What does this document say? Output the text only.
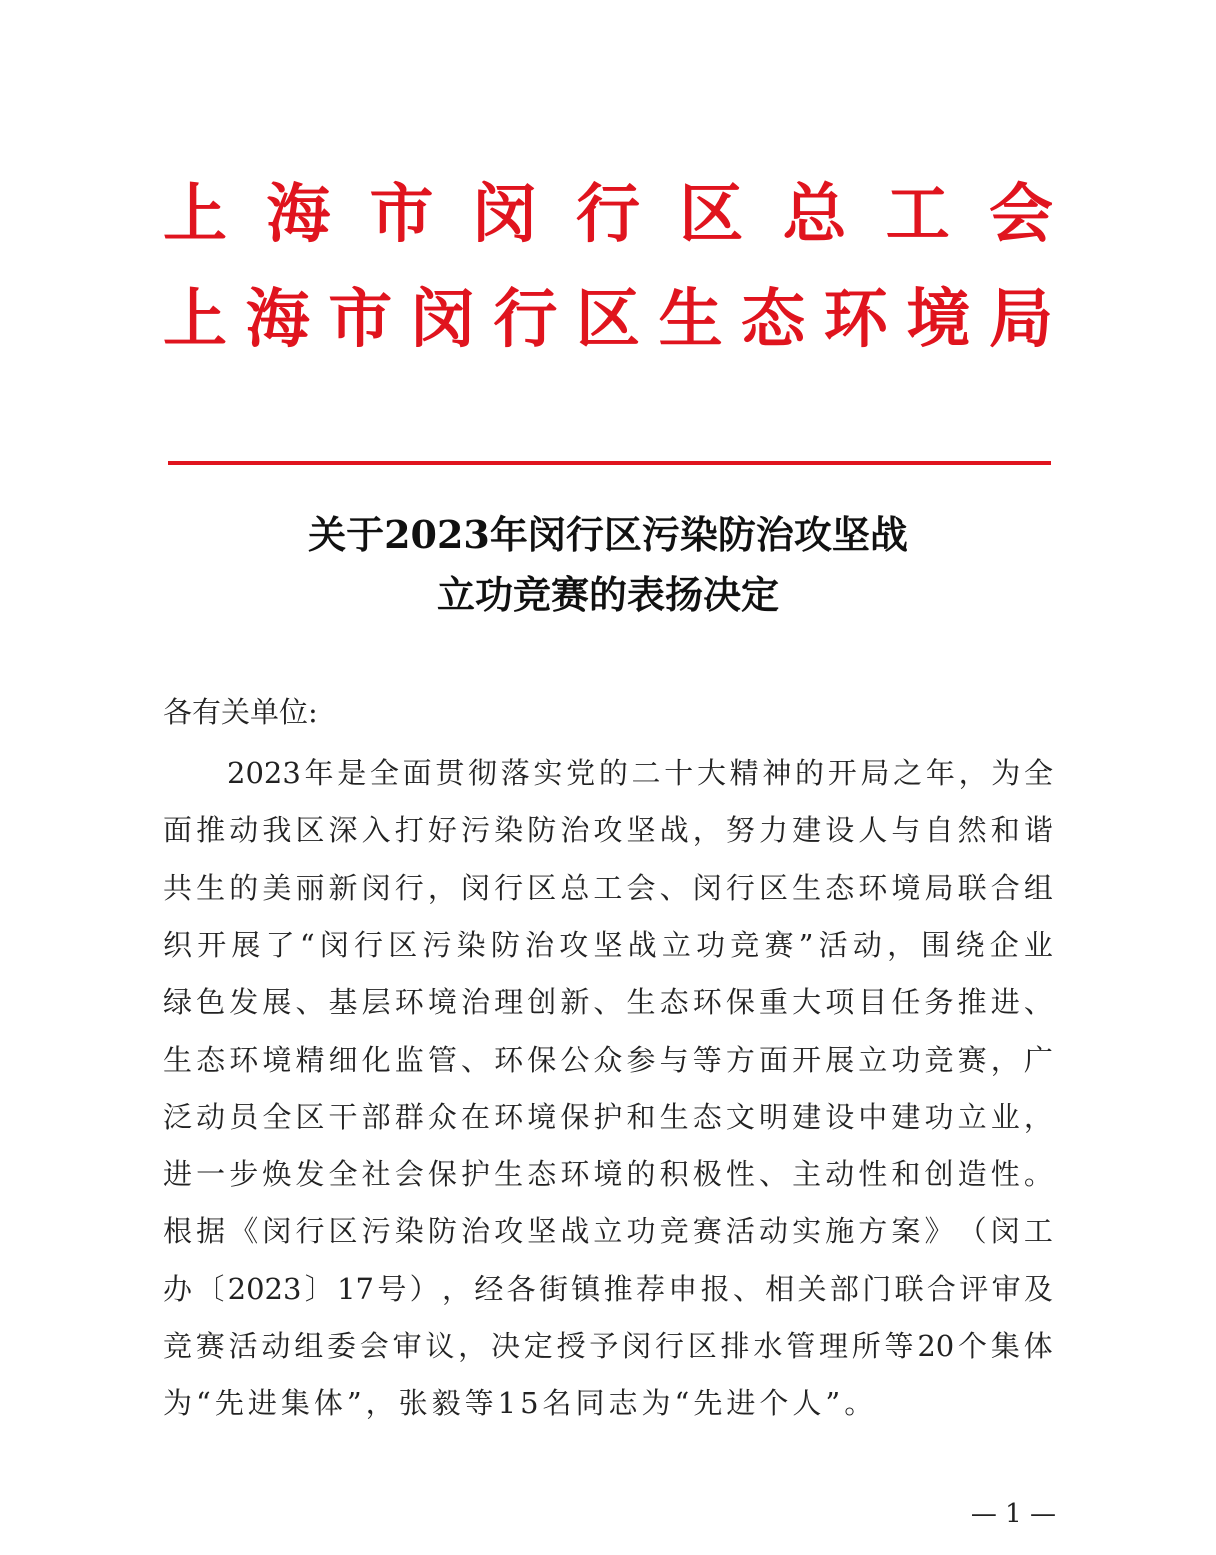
上 海 市 闵 行 区 总 工 会
上 海 市 闵 行 区 生 态 环 境 局
关于2023年闵行区污染防治攻坚战
立功竞赛的表扬决定
各有关单位:
2023 年 是 全 面 贯 彻 落 实 党 的 二 十 大 精 神 的 开 局 之 年 ， 为 全
面 推 动 我 区 深 入 打 好 污 染 防 治 攻 坚 战 ， 努 力 建 设 人 与 自 然 和 谐
共 生 的 美 丽 新 闵 行 ， 闵 行 区 总 工 会 、 闵 行 区 生 态 环 境 局 联 合 组
织 开 展 了 “ 闵 行 区 污 染 防 治 攻 坚 战 立 功 竞 赛 ” 活 动 ， 围 绕 企 业
绿 色 发 展 、 基 层 环 境 治 理 创 新 、 生 态 环 保 重 大 项 目 任 务 推 进 、
生 态 环 境 精 细 化 监 管 、 环 保 公 众 参 与 等 方 面 开 展 立 功 竞 赛 ， 广
泛 动 员 全 区 干 部 群 众 在 环 境 保 护 和 生 态 文 明 建 设 中 建 功 立 业 ，
进 一 步 焕 发 全 社 会 保 护 生 态 环 境 的 积 极 性 、 主 动 性 和 创 造 性 。
根 据 《 闵 行 区 污 染 防 治 攻 坚 战 立 功 竞 赛 活 动 实 施 方 案 》 （ 闵 工
办 〔 2023 〕 17 号 ） ， 经 各 街 镇 推 荐 申 报 、 相 关 部 门 联 合 评 审 及
竞 赛 活 动 组 委 会 审 议 ， 决 定 授 予 闵 行 区 排 水 管 理 所 等 20 个 集 体
为“先进集体”，张毅等15名同志为“先进个人”。
— 1 —
